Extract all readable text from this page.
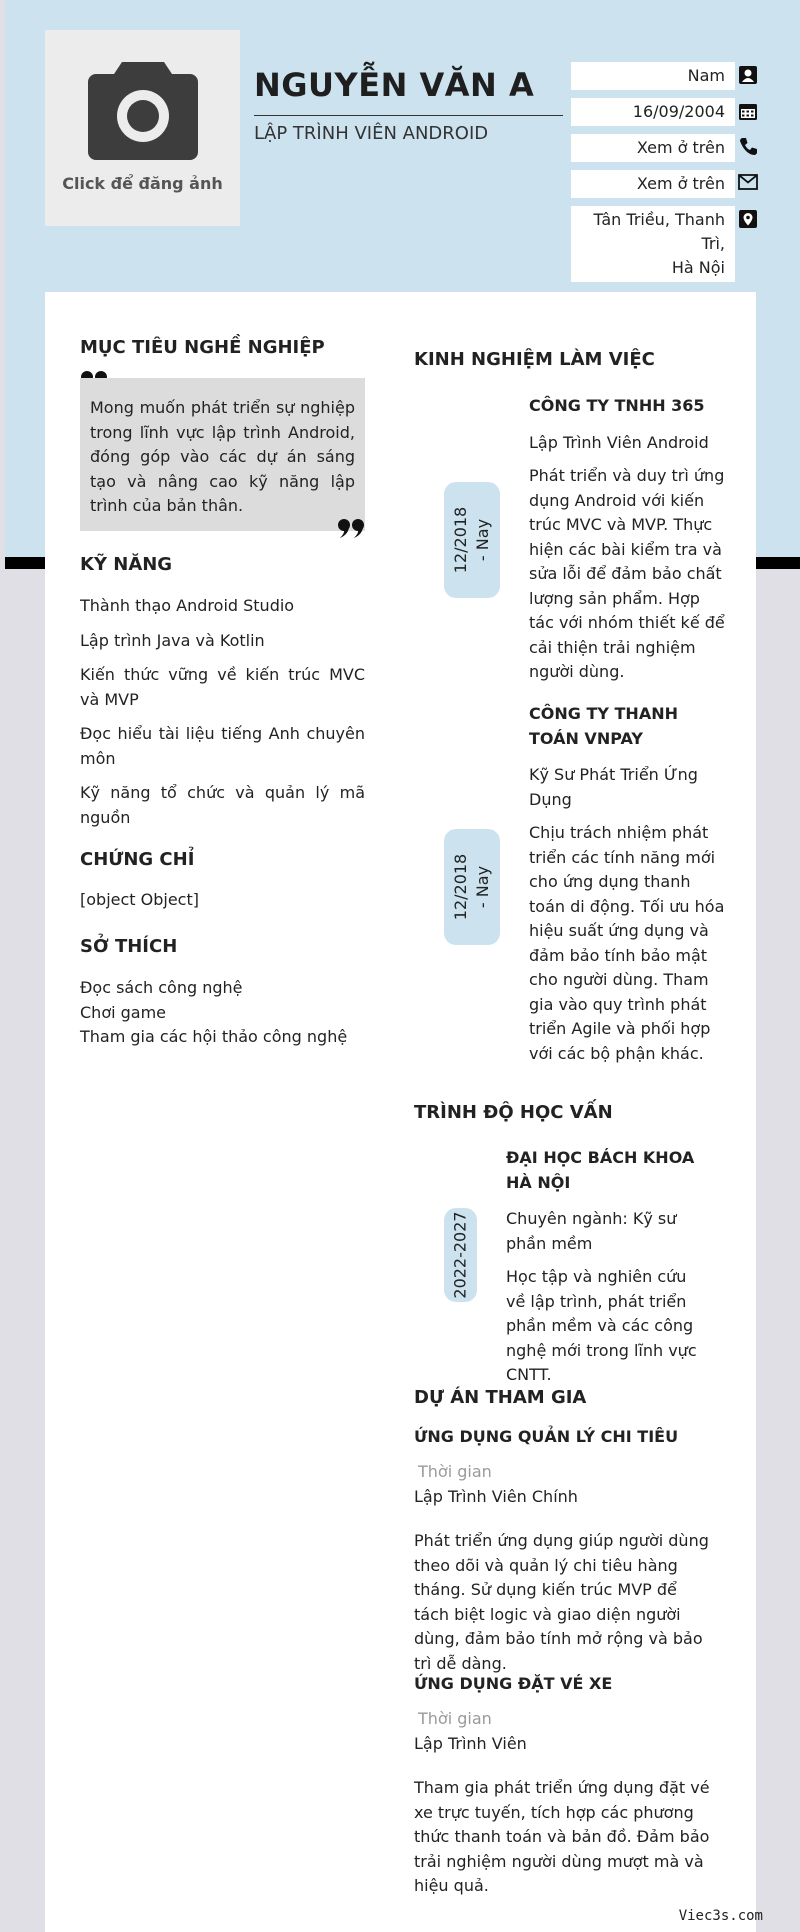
Click để đăng ảnh
NGUYỄN VĂN A
LẬP TRÌNH VIÊN ANDROID
Nam
16/09/2004
Xem ở trên
Xem ở trên
Tân Triều, Thanh Trì,
Hà Nội
MỤC TIÊU NGHỀ NGHIỆP
Mong muốn phát triển sự nghiệp trong lĩnh vực lập trình Android, đóng góp vào các dự án sáng tạo và nâng cao kỹ năng lập trình của bản thân.
KỸ NĂNG
Thành thạo Android Studio
Lập trình Java và Kotlin
Kiến thức vững về kiến trúc MVC và MVP
Đọc hiểu tài liệu tiếng Anh chuyên môn
Kỹ năng tổ chức và quản lý mã nguồn
CHỨNG CHỈ
[object Object]
SỞ THÍCH
Đọc sách công nghệ
Chơi game
Tham gia các hội thảo công nghệ
KINH NGHIỆM LÀM VIỆC
12/2018 - Nay
CÔNG TY TNHH 365
Lập Trình Viên Android
Phát triển và duy trì ứng dụng Android với kiến trúc MVC và MVP. Thực hiện các bài kiểm tra và sửa lỗi để đảm bảo chất lượng sản phẩm. Hợp tác với nhóm thiết kế để cải thiện trải nghiệm người dùng.
12/2018 - Nay
CÔNG TY THANH TOÁN VNPAY
Kỹ Sư Phát Triển Ứng Dụng
Chịu trách nhiệm phát triển các tính năng mới cho ứng dụng thanh toán di động. Tối ưu hóa hiệu suất ứng dụng và đảm bảo tính bảo mật cho người dùng. Tham gia vào quy trình phát triển Agile và phối hợp với các bộ phận khác.
TRÌNH ĐỘ HỌC VẤN
2022-2027
ĐẠI HỌC BÁCH KHOA HÀ NỘI
Chuyên ngành: Kỹ sư phần mềm
Học tập và nghiên cứu về lập trình, phát triển phần mềm và các công nghệ mới trong lĩnh vực CNTT.
DỰ ÁN THAM GIA
ỨNG DỤNG QUẢN LÝ CHI TIÊU
Thời gian
Lập Trình Viên Chính
Phát triển ứng dụng giúp người dùng theo dõi và quản lý chi tiêu hàng tháng. Sử dụng kiến trúc MVP để tách biệt logic và giao diện người dùng, đảm bảo tính mở rộng và bảo trì dễ dàng.
ỨNG DỤNG ĐẶT VÉ XE
Thời gian
Lập Trình Viên
Tham gia phát triển ứng dụng đặt vé xe trực tuyến, tích hợp các phương thức thanh toán và bản đồ. Đảm bảo trải nghiệm người dùng mượt mà và hiệu quả.
Viec3s.com
